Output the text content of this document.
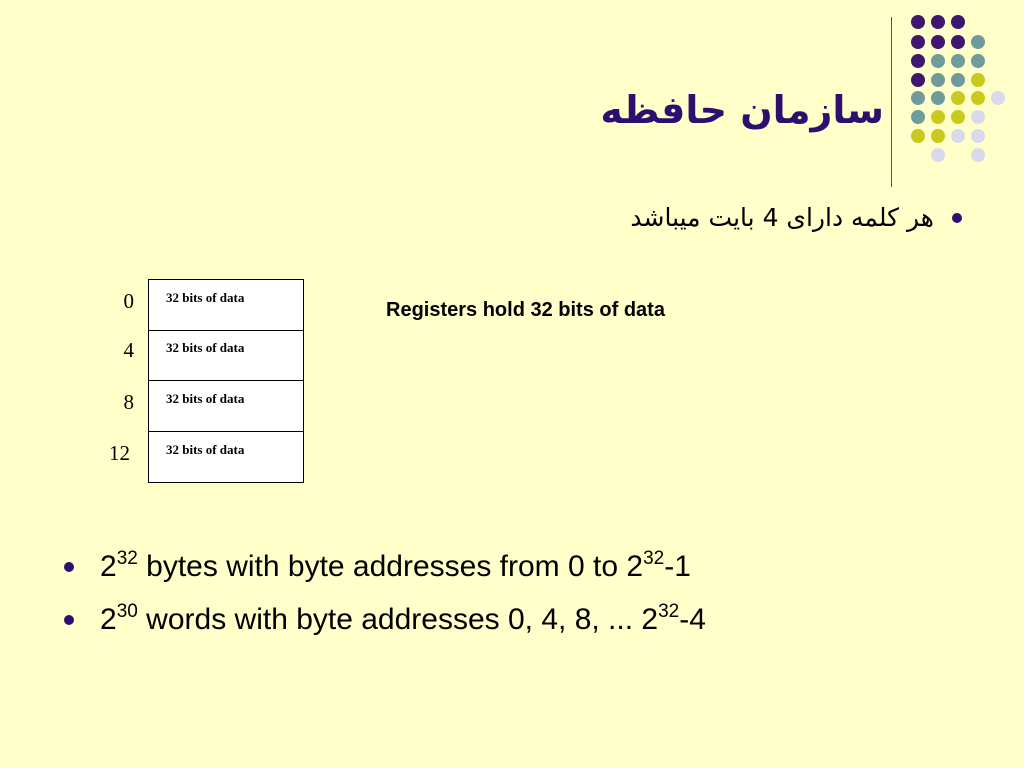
سازمان حافظه
هر کلمه دارای 4 بایت میباشد
0
4
8
12
32 bits of data
32 bits of data
32 bits of data
32 bits of data
Registers hold 32 bits of data
$2^{32}$ bytes with byte addresses from 0 to $2^{32}-1$
$2^{30}$ words with byte addresses 0, 4, 8, ... $2^{32}-4$
